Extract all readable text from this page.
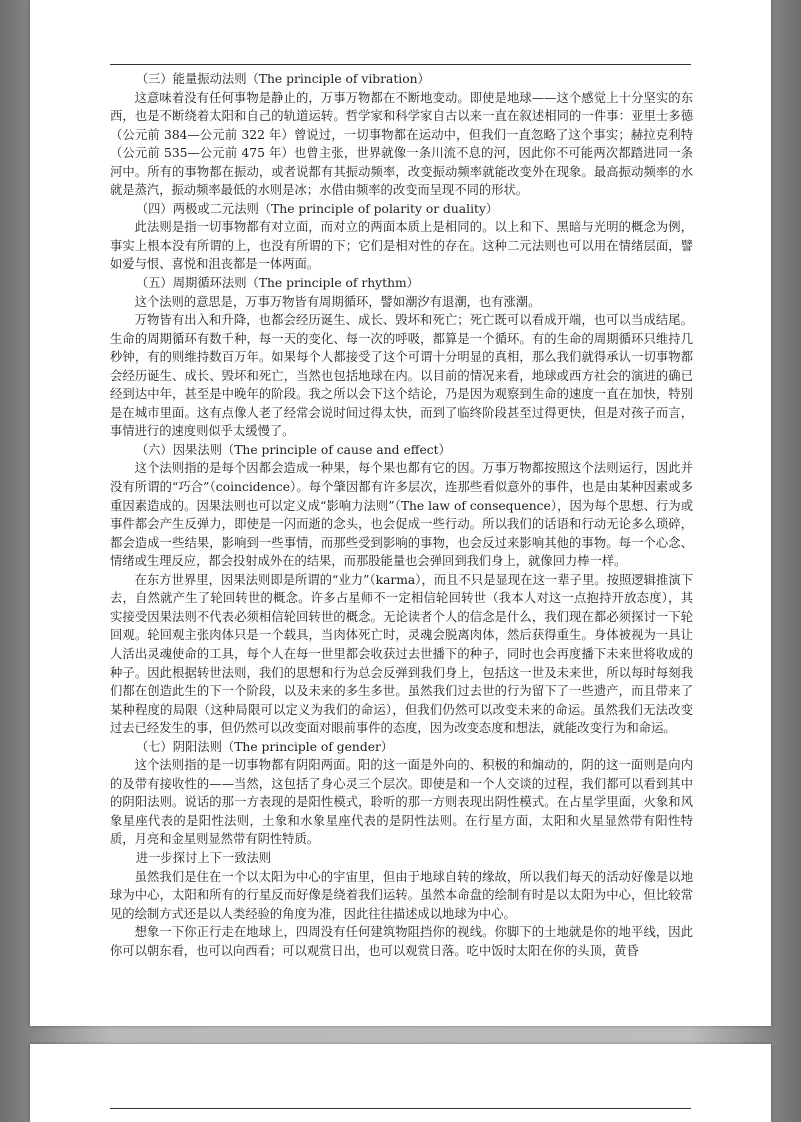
（三）能量振动法则（The principle of vibration）

这意味着没有任何事物是静止的，万事万物都在不断地变动。即使是地球——这个感觉上十分坚实的东西，也是不断绕着太阳和自己的轨道运转。哲学家和科学家自古以来一直在叙述相同的一件事：亚里士多德（公元前 384—公元前 322 年）曾说过，一切事物都在运动中，但我们一直忽略了这个事实；赫拉克利特（公元前 535—公元前 475 年）也曾主张，世界就像一条川流不息的河，因此你不可能两次都踏进同一条河中。所有的事物都在振动，或者说都有其振动频率，改变振动频率就能改变外在现象。最高振动频率的水就是蒸汽，振动频率最低的水则是冰；水借由频率的改变而呈现不同的形状。

（四）两极或二元法则（The principle of polarity or duality）

此法则是指一切事物都有对立面，而对立的两面本质上是相同的。以上和下、黑暗与光明的概念为例，事实上根本没有所谓的上，也没有所谓的下；它们是相对性的存在。这种二元法则也可以用在情绪层面，譬如爱与恨、喜悦和沮丧都是一体两面。

（五）周期循环法则（The principle of rhythm）

这个法则的意思是，万事万物皆有周期循环，譬如潮汐有退潮，也有涨潮。

万物皆有出入和升降，也都会经历诞生、成长、毁坏和死亡；死亡既可以看成开端，也可以当成结尾。生命的周期循环有数千种，每一天的变化、每一次的呼吸，都算是一个循环。有的生命的周期循环只维持几秒钟，有的则维持数百万年。如果每个人都接受了这个可谓十分明显的真相，那么我们就得承认一切事物都会经历诞生、成长、毁坏和死亡，当然也包括地球在内。以目前的情况来看，地球或西方社会的演进的确已经到达中年，甚至是中晚年的阶段。我之所以会下这个结论，乃是因为观察到生命的速度一直在加快，特别是在城市里面。这有点像人老了经常会说时间过得太快，而到了临终阶段甚至过得更快，但是对孩子而言，事情进行的速度则似乎太缓慢了。

（六）因果法则（The principle of cause and effect）

这个法则指的是每个因都会造成一种果，每个果也都有它的因。万事万物都按照这个法则运行，因此并没有所谓的“巧合”（coincidence）。每个肇因都有许多层次，连那些看似意外的事件，也是由某种因素或多重因素造成的。因果法则也可以定义成“影响力法则”（The law of consequence），因为每个思想、行为或事件都会产生反弹力，即使是一闪而逝的念头，也会促成一些行动。所以我们的话语和行动无论多么琐碎，都会造成一些结果，影响到一些事情，而那些受到影响的事物，也会反过来影响其他的事物。每一个心念、情绪或生理反应，都会投射成外在的结果，而那股能量也会弹回到我们身上，就像回力棒一样。

在东方世界里，因果法则即是所谓的“业力”（karma），而且不只是显现在这一辈子里。按照逻辑推演下去，自然就产生了轮回转世的概念。许多占星师不一定相信轮回转世（我本人对这一点抱持开放态度），其实接受因果法则不代表必须相信轮回转世的概念。无论读者个人的信念是什么，我们现在都必须探讨一下轮回观。轮回观主张肉体只是一个载具，当肉体死亡时，灵魂会脱离肉体，然后获得重生。身体被视为一具让人活出灵魂使命的工具，每个人在每一世里都会收获过去世播下的种子，同时也会再度播下未来世将收成的种子。因此根据转世法则，我们的思想和行为总会反弹到我们身上，包括这一世及未来世，所以每时每刻我们都在创造此生的下一个阶段，以及未来的多生多世。虽然我们过去世的行为留下了一些遗产，而且带来了某种程度的局限（这种局限可以定义为我们的命运），但我们仍然可以改变未来的命运。虽然我们无法改变过去已经发生的事，但仍然可以改变面对眼前事件的态度，因为改变态度和想法，就能改变行为和命运。

（七）阴阳法则（The principle of gender）

这个法则指的是一切事物都有阴阳两面。阳的这一面是外向的、积极的和煽动的，阴的这一面则是向内的及带有接收性的——当然，这包括了身心灵三个层次。即使是和一个人交谈的过程，我们都可以看到其中的阴阳法则。说话的那一方表现的是阳性模式，聆听的那一方则表现出阴性模式。在占星学里面，火象和风象星座代表的是阳性法则，土象和水象星座代表的是阴性法则。在行星方面，太阳和火星显然带有阳性特质，月亮和金星则显然带有阴性特质。

进一步探讨上下一致法则

虽然我们是住在一个以太阳为中心的宇宙里，但由于地球自转的缘故，所以我们每天的活动好像是以地球为中心，太阳和所有的行星反而好像是绕着我们运转。虽然本命盘的绘制有时是以太阳为中心，但比较常见的绘制方式还是以人类经验的角度为准，因此往往描述成以地球为中心。

想象一下你正行走在地球上，四周没有任何建筑物阻挡你的视线。你脚下的土地就是你的地平线，因此你可以朝东看，也可以向西看；可以观赏日出，也可以观赏日落。吃中饭时太阳在你的头顶，黄昏
